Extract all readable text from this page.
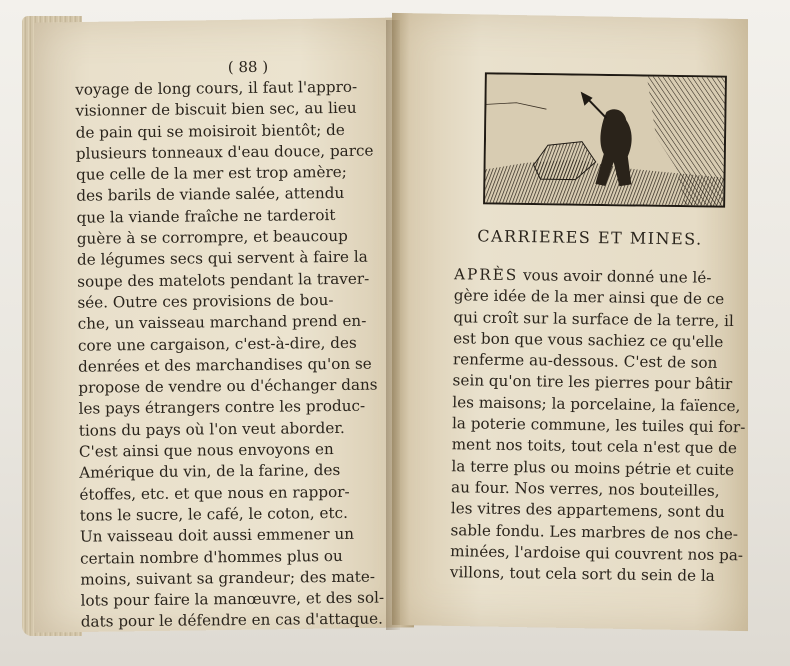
( 88 )
voyage de long cours, il faut l'appro-
visionner de biscuit bien sec, au lieu
de pain qui se moisiroit bientôt; de
plusieurs tonneaux d'eau douce, parce
que celle de la mer est trop amère;
des barils de viande salée, attendu
que la viande fraîche ne tarderoit
guère à se corrompre, et beaucoup
de légumes secs qui servent à faire la
soupe des matelots pendant la traver-
sée. Outre ces provisions de bou-
che, un vaisseau marchand prend en-
core une cargaison, c'est-à-dire, des
denrées et des marchandises qu'on se
propose de vendre ou d'échanger dans
les pays étrangers contre les produc-
tions du pays où l'on veut aborder.
C'est ainsi que nous envoyons en
Amérique du vin, de la farine, des
étoffes, etc. et que nous en rappor-
tons le sucre, le café, le coton, etc.
Un vaisseau doit aussi emmener un
certain nombre d'hommes plus ou
moins, suivant sa grandeur; des mate-
lots pour faire la manœuvre, et des sol-
dats pour le défendre en cas d'attaque.
CARRIERES ET MINES.
APRÈS vous avoir donné une lé-
gère idée de la mer ainsi que de ce
qui croît sur la surface de la terre, il
est bon que vous sachiez ce qu'elle
renferme au-dessous. C'est de son
sein qu'on tire les pierres pour bâtir
les maisons; la porcelaine, la faïence,
la poterie commune, les tuiles qui for-
ment nos toits, tout cela n'est que de
la terre plus ou moins pétrie et cuite
au four. Nos verres, nos bouteilles,
les vitres des appartemens, sont du
sable fondu. Les marbres de nos che-
minées, l'ardoise qui couvrent nos pa-
villons, tout cela sort du sein de la
